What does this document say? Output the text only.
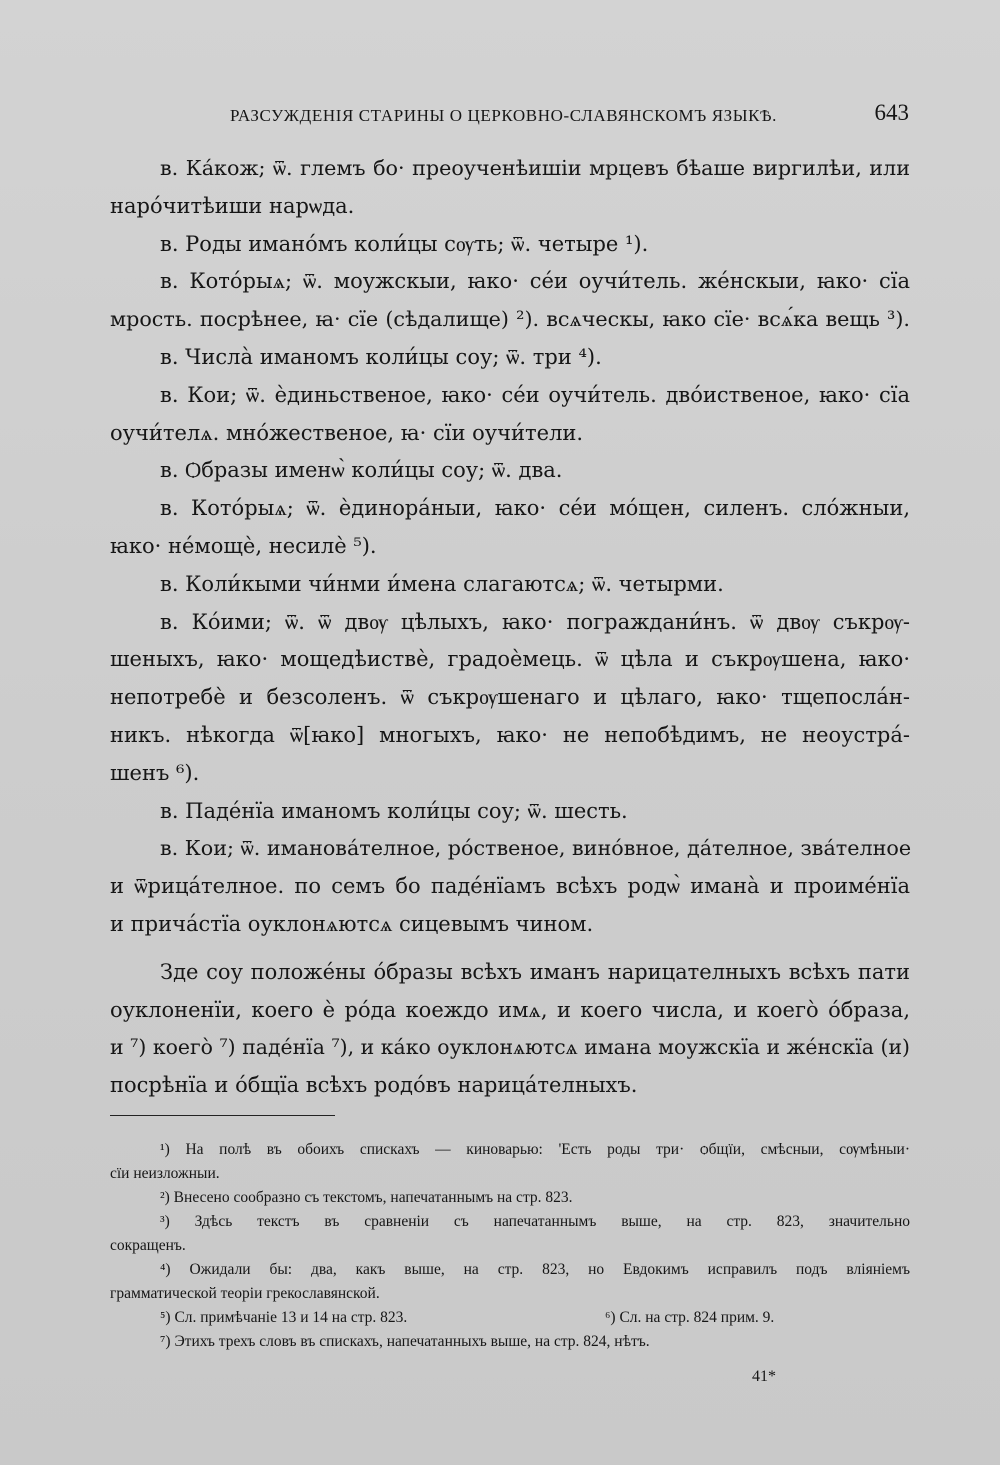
РАЗСУЖДЕНІЯ СТАРИНЫ О ЦЕРКОВНО-СЛАВЯНСКОМЪ ЯЗЫКѢ.	643
в. Ка́кож; ѿ. глемъ бо· преоученѣишіи мрцевъ бѣаше виргилѣи, или
наро́читѣиши нарѡда.
в. Роды иманóмъ коли́цы сѹть; ѿ. четыре ¹).
в. Кото́рыѧ; ѿ. моужскыи, ꙗко· се́и оучи́тель. же́нскыи, ꙗко· сїа
мрость. посрѣнее, ꙗ· сїе (сѣдалище) ²). всѧческы, ꙗко сїе· всѧ́ка вещь ³).
в. Числа̀ иманомъ коли́цы соу; ѿ. три ⁴).
в. Кои; ѿ. ѐдиньственое, ꙗко· се́и оучи́тель. двóиственое, ꙗко· сїа
оучи́телѧ. мнóжественое, ꙗ· сїи оучи́тели.
в. Ѻбразы именѡ̀ коли́цы соу; ѿ. два.
в. Кото́рыѧ; ѿ. ѐдинора́ныи, ꙗко· се́и мóщен, силенъ. слóжныи,
ꙗко· не́мощѐ, несилѐ ⁵).
в. Коли́кыми чи́нми и́мена слагаютсѧ; ѿ. четырми.
в. Ко́ими; ѿ. ѿ двѹ цѣлыхъ, ꙗко· пограждани́нъ. ѿ двѹ съкрѹ-
шеныхъ, ꙗко· мощедѣиствѐ, градоѐмець. ѿ цѣла и съкрѹшена, ꙗко·
непотребѐ и безсоленъ. ѿ съкрѹшенаго и цѣлаго, ꙗко· тщепосла́н-
никъ. нѣкогда ѿ[ꙗко] многыхъ, ꙗко· не непобѣдимъ, не неоустра́-
шенъ ⁶).
в. Паде́нїа иманомъ коли́цы соу; ѿ. шесть.
в. Кои; ѿ. иманова́телное, рóственое, винóвное, да́телное, зва́телное
и ѿрица́телное. по семъ бо паде́нїамъ всѣхъ родѡ̀ имана̀ и проимéнїа
и прича́стїа оуклонѧютсѧ сицевымъ чином.
Зде соу положéны óбразы всѣхъ иманъ нарицателныхъ всѣхъ пати
оуклоненїи, коего ѐ рóда коеждо имѧ, и коего числа, и коегò óбраза,
и ⁷) коегò ⁷) паде́нїа ⁷), и ка́ко оуклонѧютсѧ имана моужскїа и жéнскїа (и)
посрѣнїа и óбщїа всѣхъ родóвъ нарица́телныхъ.
¹) На полѣ въ обоихъ спискахъ — киноварью: 'Есть роды три· ѻбщїи, смѣсныи, сѹмѣныи·
сїи неизложныи.
²) Внесено сообразно съ текстомъ, напечатаннымъ на стр. 823.
³) Здѣсь текстъ въ сравненіи съ напечатаннымъ выше, на стр. 823, значительно
сокращенъ.
⁴) Ожидали бы: два, какъ выше, на стр. 823, но Евдокимъ исправилъ подъ вліяніемъ
грамматической теоріи грекославянской.
⁵) Сл. примѣчаніе 13 и 14 на стр. 823.	⁶) Сл. на стр. 824 прим. 9.
⁷) Этихъ трехъ словъ въ спискахъ, напечатанныхъ выше, на стр. 824, нѣтъ.
41*
